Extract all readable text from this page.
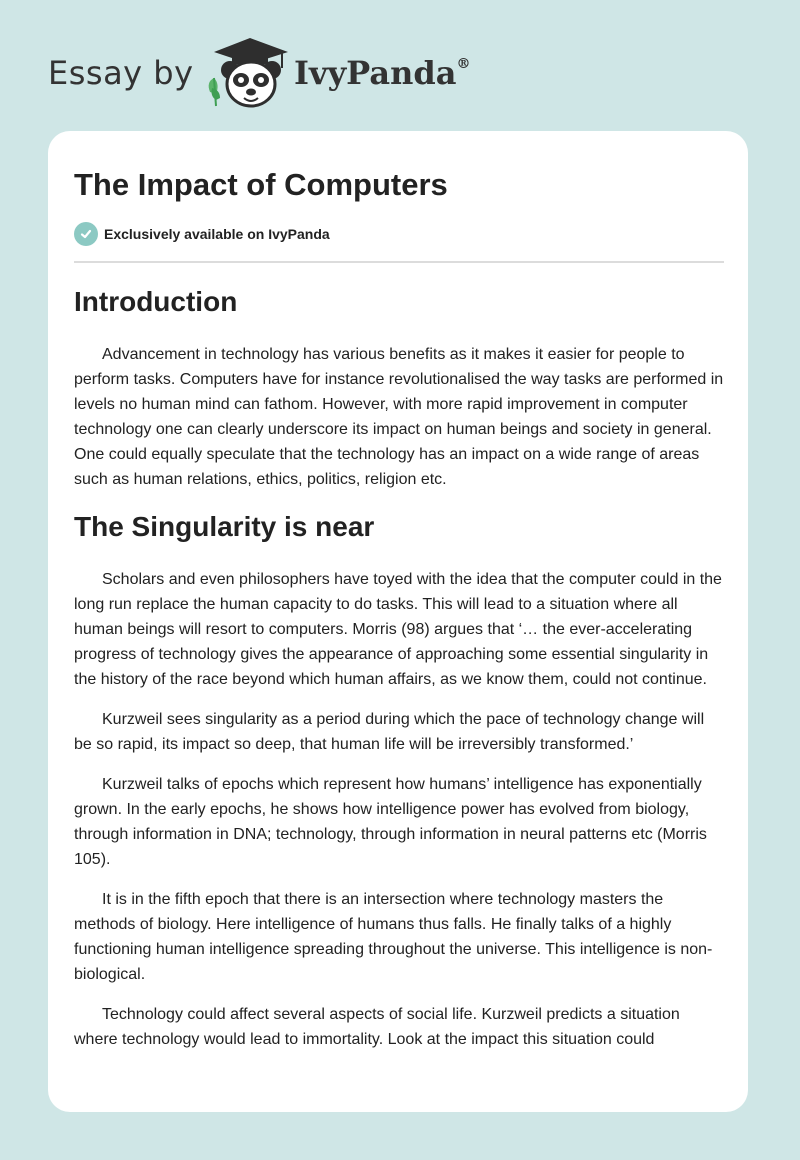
Essay by	IvyPanda®
The Impact of Computers
Exclusively available on IvyPanda
Introduction

Advancement in technology has various benefits as it makes it easier for people to perform tasks. Computers have for instance revolutionalised the way tasks are performed in levels no human mind can fathom. However, with more rapid improvement in computer technology one can clearly underscore its impact on human beings and society in general. One could equally speculate that the technology has an impact on a wide range of areas such as human relations, ethics, politics, religion etc.

The Singularity is near

Scholars and even philosophers have toyed with the idea that the computer could in the long run replace the human capacity to do tasks. This will lead to a situation where all human beings will resort to computers. Morris (98) argues that ‘… the ever-accelerating progress of technology gives the appearance of approaching some essential singularity in the history of the race beyond which human affairs, as we know them, could not continue.

Kurzweil sees singularity as a period during which the pace of technology change will be so rapid, its impact so deep, that human life will be irreversibly transformed.’

Kurzweil talks of epochs which represent how humans’ intelligence has exponentially grown. In the early epochs, he shows how intelligence power has evolved from biology, through information in DNA; technology, through information in neural patterns etc (Morris 105).

It is in the fifth epoch that there is an intersection where technology masters the methods of biology. Here intelligence of humans thus falls. He finally talks of a highly functioning human intelligence spreading throughout the universe. This intelligence is non-biological.

Technology could affect several aspects of social life. Kurzweil predicts a situation where technology would lead to immortality. Look at the impact this situation could
